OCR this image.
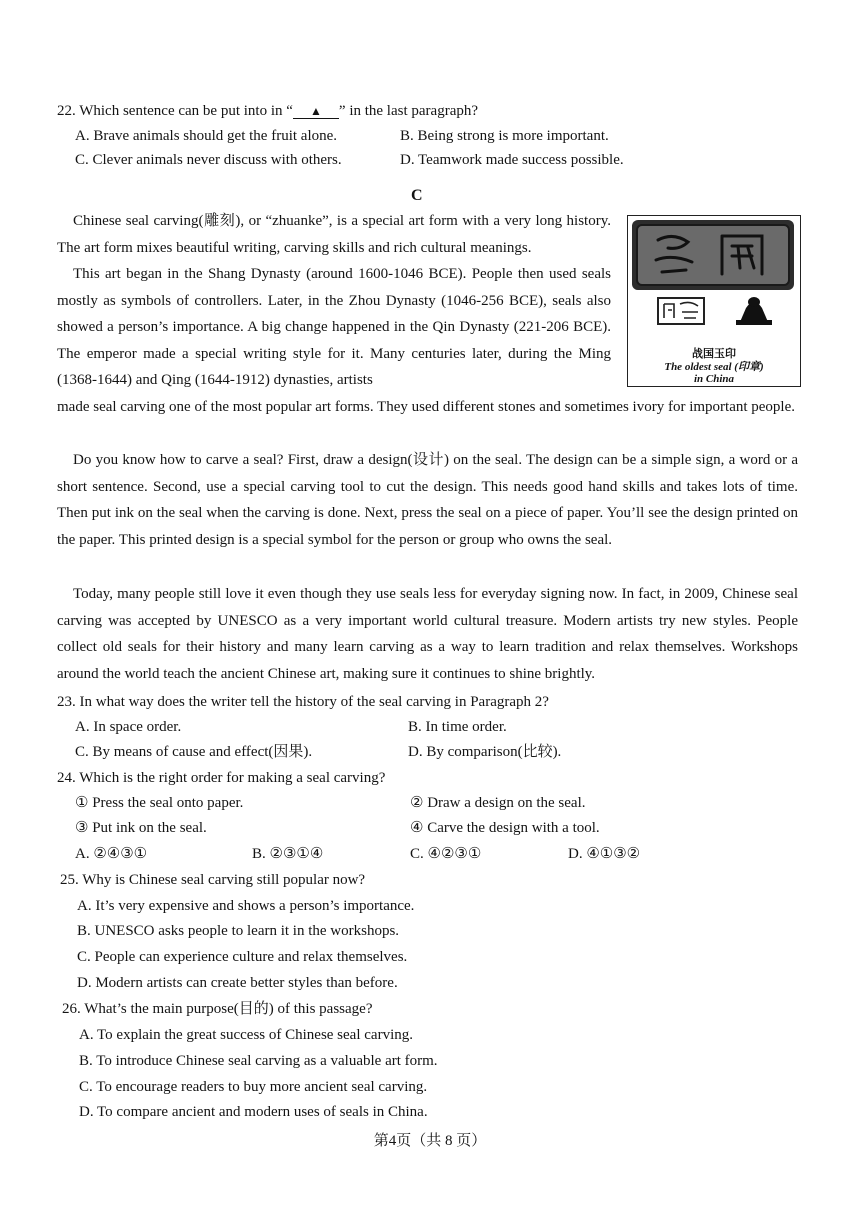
22. Which sentence can be put into in “ ▲ ” in the last paragraph?
A. Brave animals should get the fruit alone.	B. Being strong is more important.
C. Clever animals never discuss with others.	D. Teamwork made success possible.
C
Chinese seal carving(雕刻), or “zhuanke”, is a special art form with a very long history. The art form mixes beautiful writing, carving skills and rich cultural meanings.
This art began in the Shang Dynasty (around 1600-1046 BCE). People then used seals mostly as symbols of controllers. Later, in the Zhou Dynasty (1046-256 BCE), seals also showed a person’s importance. A big change happened in the Qin Dynasty (221-206 BCE). The emperor made a special writing style for it. Many centuries later, during the Ming (1368-1644) and Qing (1644-1912) dynasties, artists
made seal carving one of the most popular art forms. They used different stones and sometimes ivory for important people.
Do you know how to carve a seal? First, draw a design(设计) on the seal. The design can be a simple sign, a word or a short sentence. Second, use a special carving tool to cut the design. This needs good hand skills and takes lots of time. Then put ink on the seal when the carving is done. Next, press the seal on a piece of paper. You’ll see the design printed on the paper. This printed design is a special symbol for the person or group who owns the seal.
Today, many people still love it even though they use seals less for everyday signing now. In fact, in 2009, Chinese seal carving was accepted by UNESCO as a very important world cultural treasure. Modern artists try new styles. People collect old seals for their history and many learn carving as a way to learn tradition and relax themselves. Workshops around the world teach the ancient Chinese art, making sure it continues to shine brightly.
战国玉印
The oldest seal (印章)
in China
23. In what way does the writer tell the history of the seal carving in Paragraph 2?
A. In space order.	B. In time order.
C. By means of cause and effect(因果).	D. By comparison(比较).
24. Which is the right order for making a seal carving?
① Press the seal onto paper.	② Draw a design on the seal.
③ Put ink on the seal.	④ Carve the design with a tool.
A. ②④③①	B. ②③①④	C. ④②③①	D. ④①③②
25. Why is Chinese seal carving still popular now?
A. It’s very expensive and shows a person’s importance.
B. UNESCO asks people to learn it in the workshops.
C. People can experience culture and relax themselves.
D. Modern artists can create better styles than before.
26. What’s the main purpose(目的) of this passage?
A. To explain the great success of Chinese seal carving.
B. To introduce Chinese seal carving as a valuable art form.
C. To encourage readers to buy more ancient seal carving.
D. To compare ancient and modern uses of seals in China.
第4页（共 8 页）
